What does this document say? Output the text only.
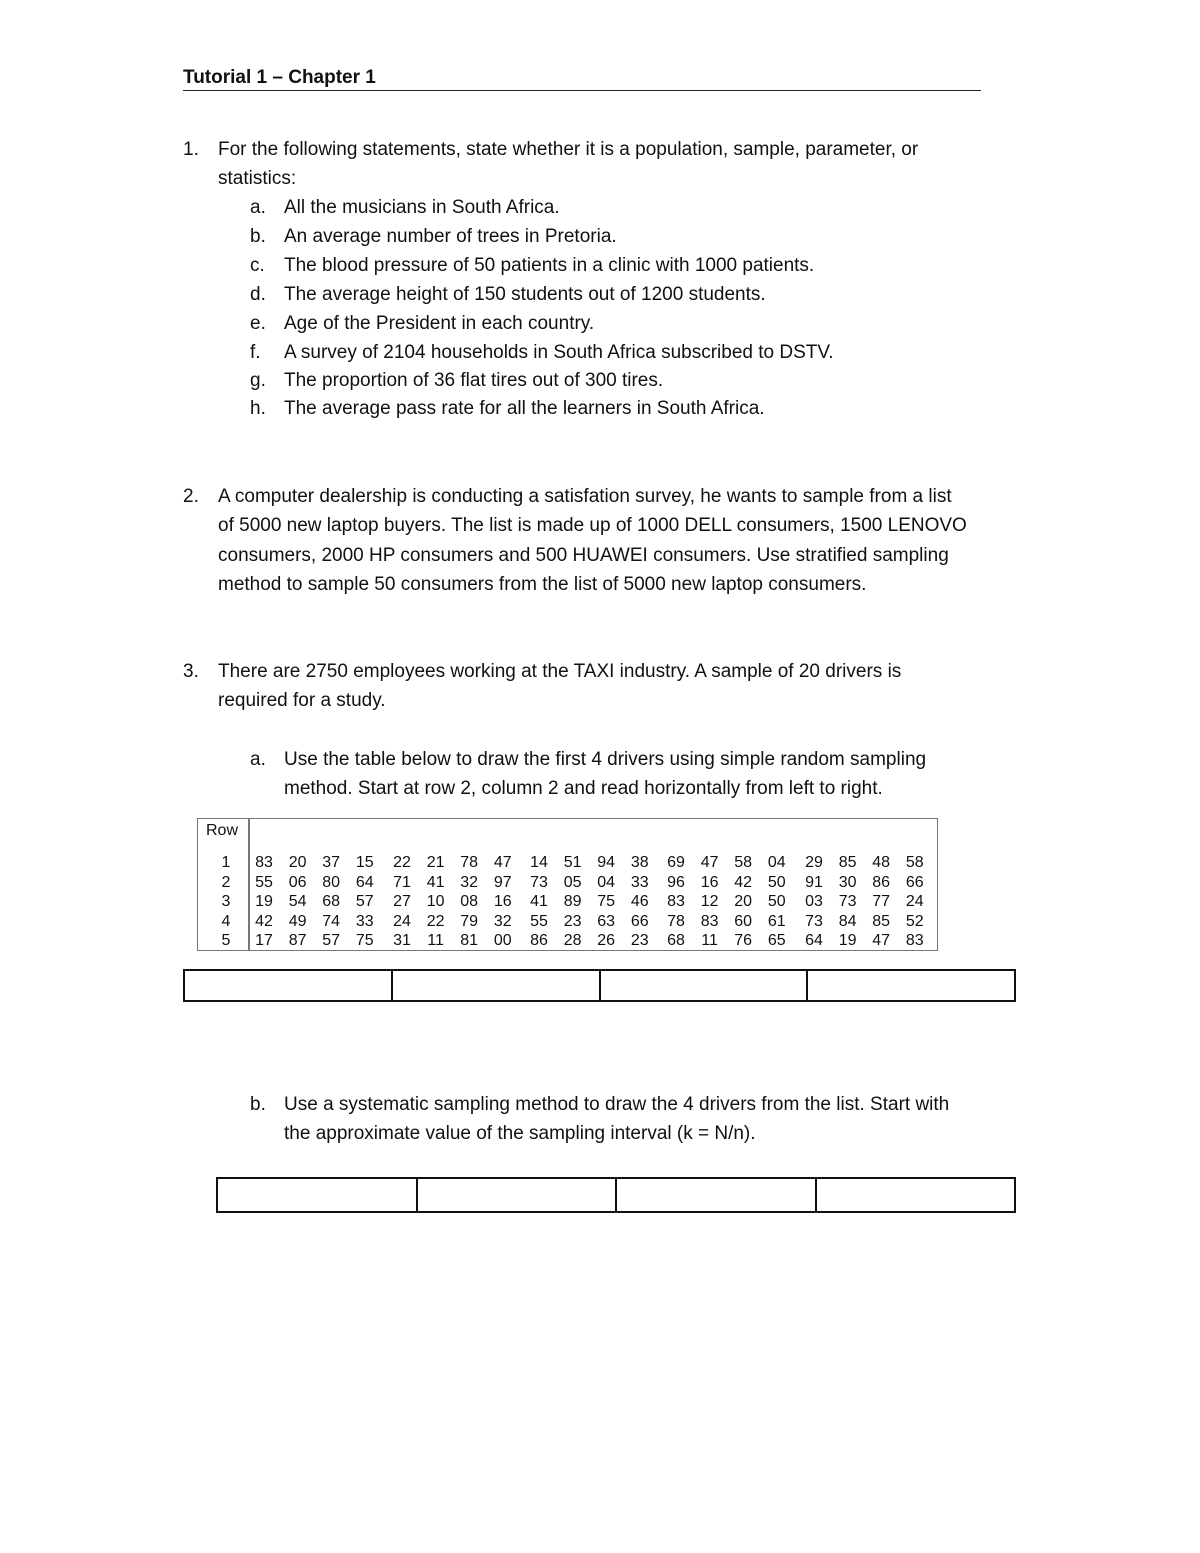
Tutorial 1 – Chapter 1
1. For the following statements, state whether it is a population, sample, parameter, or
statistics:
a. All the musicians in South Africa.
b. An average number of trees in Pretoria.
c. The blood pressure of 50 patients in a clinic with 1000 patients.
d. The average height of 150 students out of 1200 students.
e. Age of the President in each country.
f. A survey of 2104 households in South Africa subscribed to DSTV.
g. The proportion of 36 flat tires out of 300 tires.
h. The average pass rate for all the learners in South Africa.
2. A computer dealership is conducting a satisfation survey, he wants to sample from a list
of 5000 new laptop buyers. The list is made up of 1000 DELL consumers, 1500 LENOVO
consumers, 2000 HP consumers and 500 HUAWEI consumers. Use stratified sampling
method to sample 50 consumers from the list of 5000 new laptop consumers.
3. There are 2750 employees working at the TAXI industry. A sample of 20 drivers is
required for a study.
a. Use the table below to draw the first 4 drivers using simple random sampling
method. Start at row 2, column 2 and read horizontally from left to right.
Row
1 83 20 37 15 22 21 78 47 14 51 94 38 69 47 58 04 29 85 48 58
2 55 06 80 64 71 41 32 97 73 05 04 33 96 16 42 50 91 30 86 66
3 19 54 68 57 27 10 08 16 41 89 75 46 83 12 20 50 03 73 77 24
4 42 49 74 33 24 22 79 32 55 23 63 66 78 83 60 61 73 84 85 52
5 17 87 57 75 31 11 81 00 86 28 26 23 68 11 76 65 64 19 47 83

b. Use a systematic sampling method to draw the 4 drivers from the list. Start with
the approximate value of the sampling interval (k = N/n).
